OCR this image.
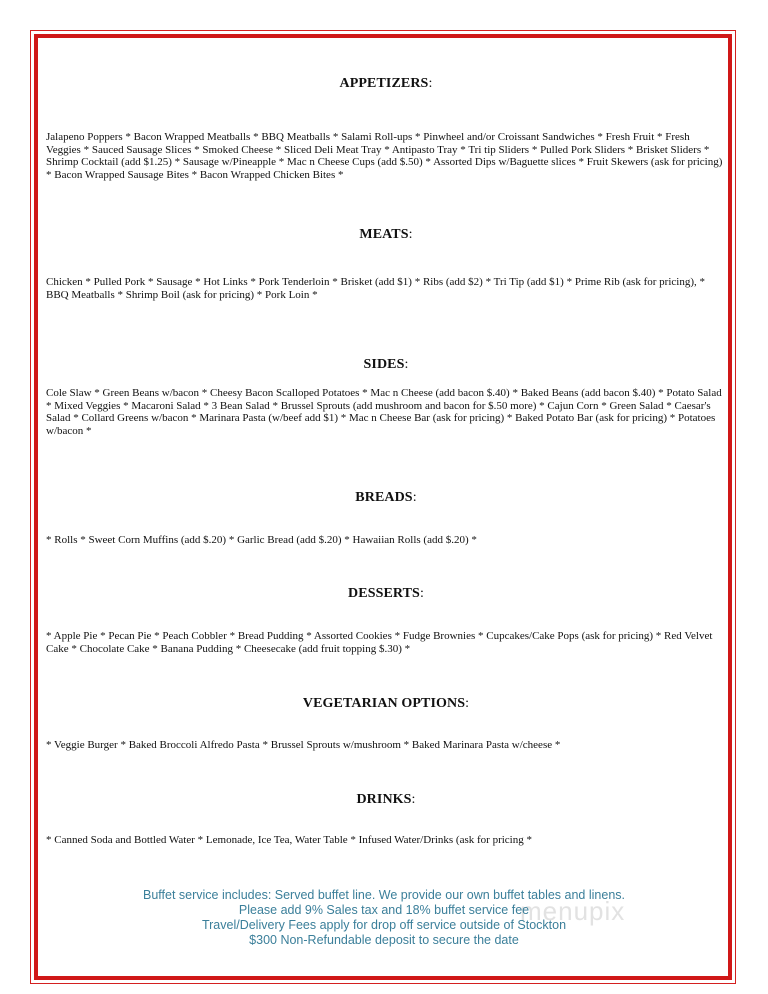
APPETIZERS:

Jalapeno Poppers * Bacon Wrapped Meatballs * BBQ Meatballs * Salami Roll-ups * Pinwheel and/or Croissant Sandwiches * Fresh Fruit * Fresh Veggies * Sauced Sausage Slices * Smoked Cheese * Sliced Deli Meat Tray * Antipasto Tray * Tri tip Sliders * Pulled Pork Sliders * Brisket Sliders * Shrimp Cocktail (add $1.25) * Sausage w/Pineapple * Mac n Cheese Cups (add $.50) * Assorted Dips w/Baguette slices * Fruit Skewers (ask for pricing) * Bacon Wrapped Sausage Bites * Bacon Wrapped Chicken Bites *

MEATS:

Chicken * Pulled Pork * Sausage * Hot Links * Pork Tenderloin * Brisket (add $1) * Ribs (add $2) * Tri Tip (add $1) * Prime Rib (ask for pricing), * BBQ Meatballs * Shrimp Boil (ask for pricing) * Pork Loin *

SIDES:

Cole Slaw * Green Beans w/bacon * Cheesy Bacon Scalloped Potatoes * Mac n Cheese (add bacon $.40) * Baked Beans (add bacon $.40) * Potato Salad * Mixed Veggies * Macaroni Salad * 3 Bean Salad * Brussel Sprouts (add mushroom and bacon for $.50 more) * Cajun Corn * Green Salad * Caesar's Salad * Collard Greens w/bacon * Marinara Pasta (w/beef add $1) * Mac n Cheese Bar (ask for pricing) * Baked Potato Bar (ask for pricing) * Potatoes w/bacon *

BREADS:

* Rolls * Sweet Corn Muffins (add $.20) * Garlic Bread (add $.20) * Hawaiian Rolls (add $.20) *

DESSERTS:

* Apple Pie * Pecan Pie * Peach Cobbler * Bread Pudding * Assorted Cookies * Fudge Brownies * Cupcakes/Cake Pops (ask for pricing) * Red Velvet Cake * Chocolate Cake * Banana Pudding * Cheesecake (add fruit topping $.30) *

VEGETARIAN OPTIONS:

* Veggie Burger * Baked Broccoli Alfredo Pasta * Brussel Sprouts w/mushroom * Baked Marinara Pasta w/cheese *

DRINKS:

* Canned Soda and Bottled Water * Lemonade, Ice Tea, Water Table * Infused Water/Drinks (ask for pricing *

menupix
Buffet service includes: Served buffet line. We provide our own buffet tables and linens.
Please add 9% Sales tax and 18% buffet service fee
Travel/Delivery Fees apply for drop off service outside of Stockton
$300 Non-Refundable deposit to secure the date
